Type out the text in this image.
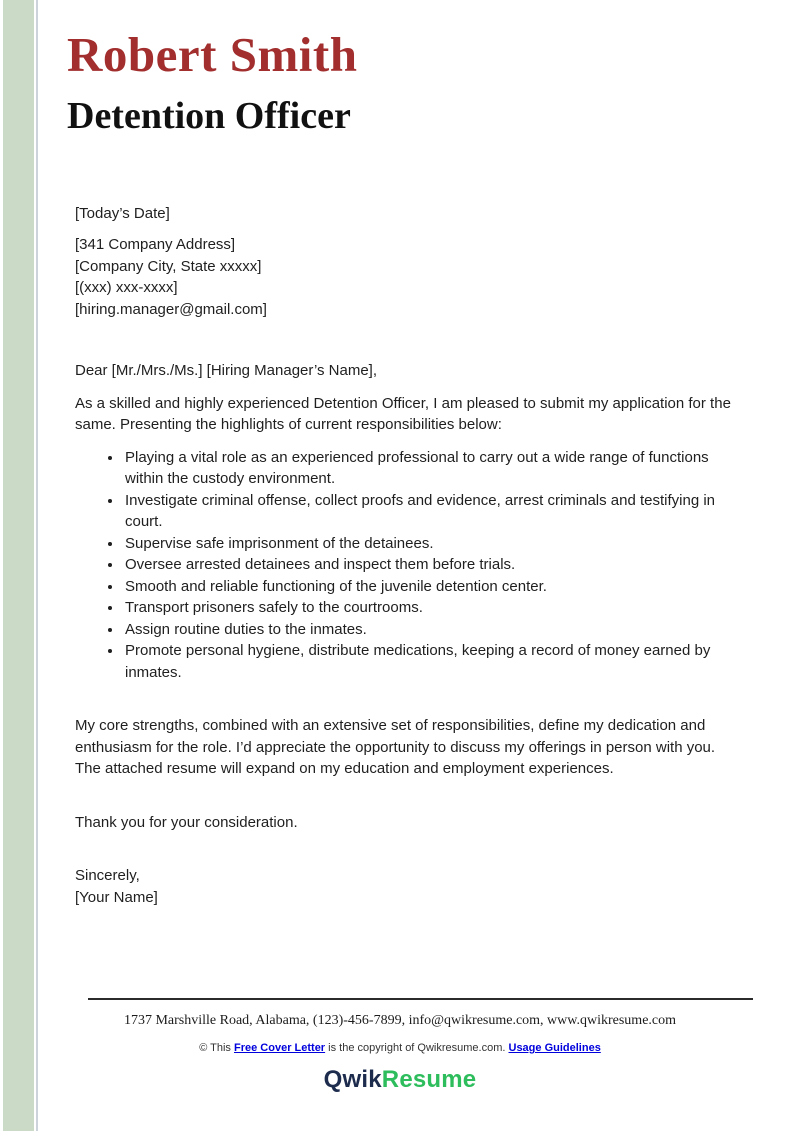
Robert Smith
Detention Officer

[Today’s Date]

[341 Company Address]
[Company City, State xxxxx]
[(xxx) xxx-xxxx]
[hiring.manager@gmail.com]

Dear [Mr./Mrs./Ms.] [Hiring Manager’s Name],

As a skilled and highly experienced Detention Officer, I am pleased to submit my application for the same. Presenting the highlights of current responsibilities below:

• Playing a vital role as an experienced professional to carry out a wide range of functions within the custody environment.
• Investigate criminal offense, collect proofs and evidence, arrest criminals and testifying in court.
• Supervise safe imprisonment of the detainees.
• Oversee arrested detainees and inspect them before trials.
• Smooth and reliable functioning of the juvenile detention center.
• Transport prisoners safely to the courtrooms.
• Assign routine duties to the inmates.
• Promote personal hygiene, distribute medications, keeping a record of money earned by inmates.

My core strengths, combined with an extensive set of responsibilities, define my dedication and enthusiasm for the role. I’d appreciate the opportunity to discuss my offerings in person with you. The attached resume will expand on my education and employment experiences.

Thank you for your consideration.

Sincerely,
[Your Name]
1737 Marshville Road, Alabama, (123)-456-7899, info@qwikresume.com, www.qwikresume.com
© This Free Cover Letter is the copyright of Qwikresume.com. Usage Guidelines
QwikResume
